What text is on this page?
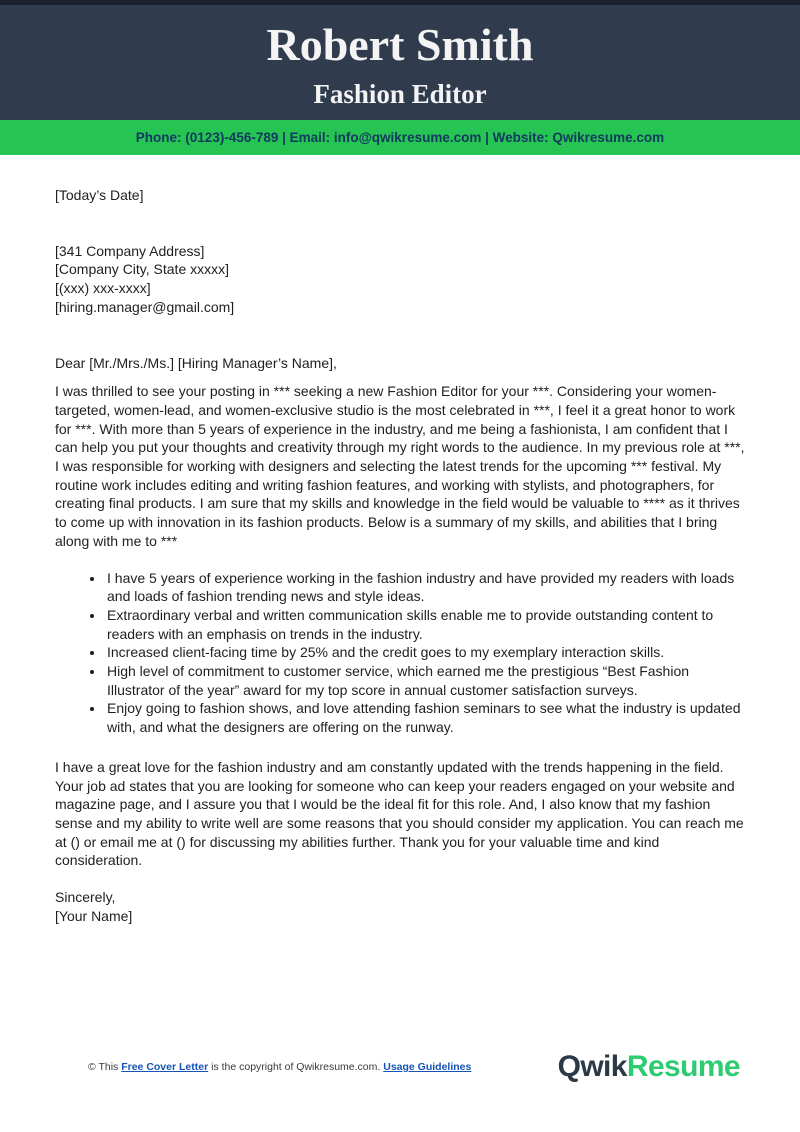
Robert Smith
Fashion Editor
Phone: (0123)-456-789 | Email: info@qwikresume.com | Website: Qwikresume.com
[Today’s Date]
[341 Company Address]
[Company City, State xxxxx]
[(xxx) xxx-xxxx]
[hiring.manager@gmail.com]
Dear [Mr./Mrs./Ms.] [Hiring Manager’s Name],

I was thrilled to see your posting in *** seeking a new Fashion Editor for your ***. Considering your women-targeted, women-lead, and women-exclusive studio is the most celebrated in ***, I feel it a great honor to work for ***. With more than 5 years of experience in the industry, and me being a fashionista, I am confident that I can help you put your thoughts and creativity through my right words to the audience. In my previous role at ***, I was responsible for working with designers and selecting the latest trends for the upcoming *** festival. My routine work includes editing and writing fashion features, and working with stylists, and photographers, for creating final products. I am sure that my skills and knowledge in the field would be valuable to **** as it thrives to come up with innovation in its fashion products. Below is a summary of my skills, and abilities that I bring along with me to ***

• I have 5 years of experience working in the fashion industry and have provided my readers with loads and loads of fashion trending news and style ideas.
• Extraordinary verbal and written communication skills enable me to provide outstanding content to readers with an emphasis on trends in the industry.
• Increased client-facing time by 25% and the credit goes to my exemplary interaction skills.
• High level of commitment to customer service, which earned me the prestigious “Best Fashion Illustrator of the year” award for my top score in annual customer satisfaction surveys.
• Enjoy going to fashion shows, and love attending fashion seminars to see what the industry is updated with, and what the designers are offering on the runway.

I have a great love for the fashion industry and am constantly updated with the trends happening in the field. Your job ad states that you are looking for someone who can keep your readers engaged on your website and magazine page, and I assure you that I would be the ideal fit for this role. And, I also know that my fashion sense and my ability to write well are some reasons that you should consider my application. You can reach me at () or email me at () for discussing my abilities further. Thank you for your valuable time and kind consideration.

Sincerely,
[Your Name]
© This Free Cover Letter is the copyright of Qwikresume.com. Usage Guidelines	QwikResume
